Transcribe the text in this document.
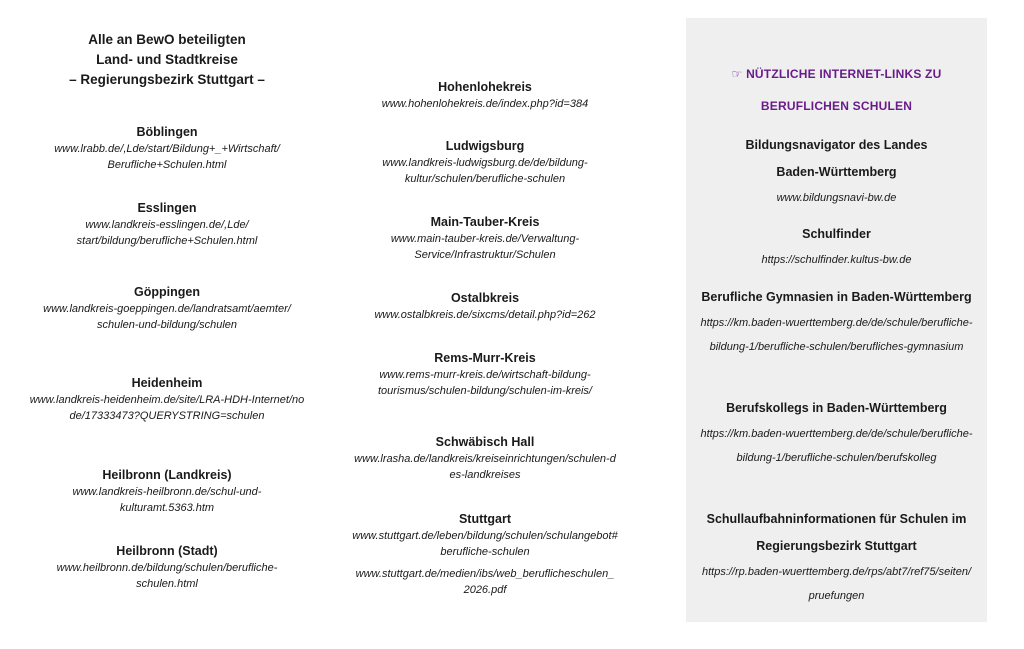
Alle an BewO beteiligten
Land- und Stadtkreise
– Regierungsbezirk Stuttgart –
Böblingen
www.lrabb.de/,Lde/start/Bildung+_+Wirtschaft/ Berufliche+Schulen.html
Esslingen
www.landkreis-esslingen.de/,Lde/ start/bildung/berufliche+Schulen.html
Göppingen
www.landkreis-goeppingen.de/landratsamt/aemter/schulen-und-bildung/schulen
Heidenheim
www.landkreis-heidenheim.de/site/LRA-HDH-Internet/node/17333473?QUERYSTRING=schulen
Heilbronn (Landkreis)
www.landkreis-heilbronn.de/schul-und-kulturamt.5363.htm
Heilbronn (Stadt)
www.heilbronn.de/bildung/schulen/berufliche-schulen.html
Hohenlohekreis
www.hohenlohekreis.de/index.php?id=384
Ludwigsburg
www.landkreis-ludwigsburg.de/de/bildung-kultur/schulen/berufliche-schulen
Main-Tauber-Kreis
www.main-tauber-kreis.de/Verwaltung-Service/Infrastruktur/Schulen
Ostalbkreis
www.ostalbkreis.de/sixcms/detail.php?id=262
Rems-Murr-Kreis
www.rems-murr-kreis.de/wirtschaft-bildung-tourismus/schulen-bildung/schulen-im-kreis/
Schwäbisch Hall
www.lrasha.de/landkreis/kreiseinrichtungen/schulen-des-landkreises
Stuttgart
www.stuttgart.de/leben/bildung/schulen/schulangebot#berufliche-schulen
www.stuttgart.de/medien/ibs/web_beruflicheschulen_2026.pdf
☞ NÜTZLICHE INTERNET-LINKS ZU
BERUFLICHEN SCHULEN
Bildungsnavigator des Landes Baden-Württemberg
www.bildungsnavi-bw.de
Schulfinder
https://schulfinder.kultus-bw.de
Berufliche Gymnasien in Baden-Württemberg
https://km.baden-wuerttemberg.de/de/schule/berufliche-bildung-1/berufliche-schulen/berufliches-gymnasium
Berufskollegs in Baden-Württemberg
https://km.baden-wuerttemberg.de/de/schule/berufliche-bildung-1/berufliche-schulen/berufskolleg
Schullaufbahninformationen für Schulen im Regierungsbezirk Stuttgart
https://rp.baden-wuerttemberg.de/rps/abt7/ref75/seiten/pruefungen
